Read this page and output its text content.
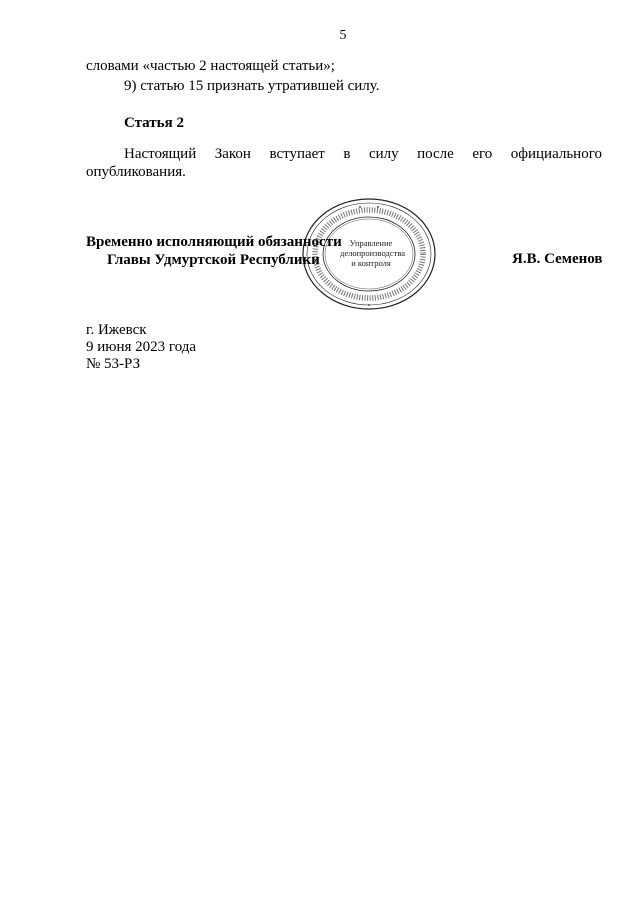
5
словами «частью 2 настоящей статьи»;
9) статью 15 признать утратившей силу.
Статья 2
Настоящий Закон вступает в силу после его официального
опубликования.
Управление делопроизводства и контроля
Временно исполняющий обязанности
Главы Удмуртской Республики	Я.В. Семенов
г. Ижевск
9 июня 2023 года
№ 53-РЗ
